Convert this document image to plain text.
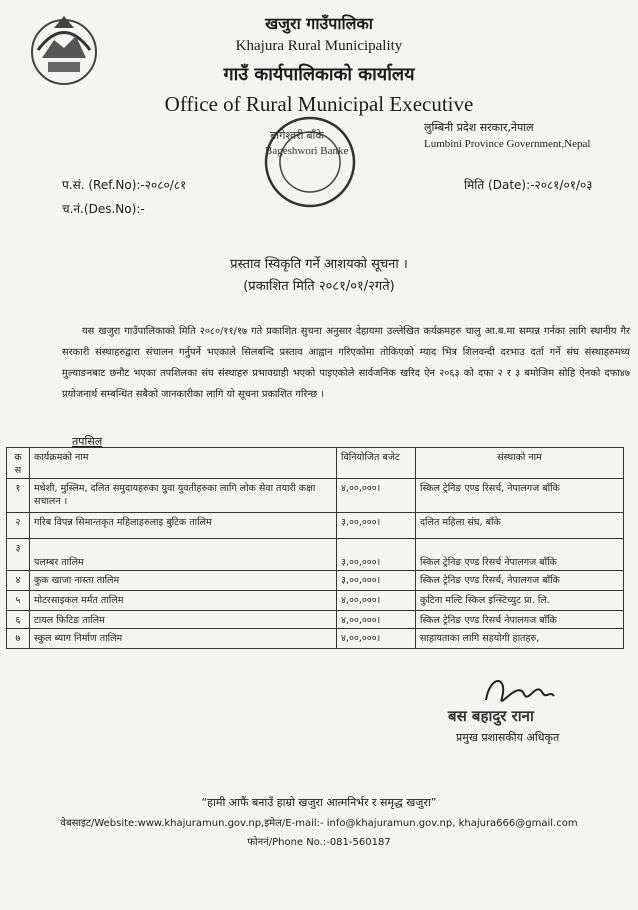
खजुरा गाउँपालिका
Khajura Rural Municipality
गाउँ कार्यपालिकाको कार्यालय
Office of Rural Municipal Executive
बागेश्वरी बाँके
Bageshwori Banke
लुम्बिनी प्रदेश सरकार,नेपाल
Lumbini Province Government,Nepal
प.सं. (Ref.No):-२०८०/८१
च.नं.(Des.No):-
मिति (Date):-२०८१/०१/०३
प्रस्ताव स्विकृति गर्ने आशयको सूचना ।
(प्रकाशित मिति २०८१/०१/२गते)
यस खजुरा गाउँपालिकाको मिति २०८०/११/१७ गते प्रकाशित सुचना अनुसार देहायमा उल्लेखित कर्यक्रमहरु चालु आ.ब.मा सम्पन्न गर्नका लागि स्थानीय गैर सरकारी संस्थाहरुद्वारा संचालन गर्नुपर्ने भएकाले सिलबन्दि प्रस्ताव आह्वान गरिएकोमा तोकिएको म्याद भित्र शिलवन्दी दरभाउ दर्ता गर्ने संघ संस्थाहरुमध्य मुल्याङनबाट छनौट भएका तपशिलका संघ संस्थाहरु प्रभावग्राही भएको पाइएकोले सार्वजनिक खरिद ऐन २०६३ को दफा २ र ३ बमोजिम सोहि ऐनको दफा४७ प्रयोजनार्थ सम्बन्धित सबैको जानकारीका लागि यो सूचना प्रकाशित गरिन्छ ।
तपसिल
क स	कार्यक्रमको नाम	विनियोजित बजेट	संस्थाको नाम
१	मधेशी, मुस्लिम, दलित समुदायहरुका युवा युवतीहरुका लागि लोक सेवा तयारी कक्षा सचालन ।	४,००,०००।	स्किल ट्रेनिङ एण्ड रिसर्च, नेपालगज बाँकि
२	गरिब विपन्न सिमान्तकृत महिलाहरुलाइ बुटिक तालिम	३,००,०००।	दलित महिला संघ, बाँके
३	पलम्बर तालिम	३,००,०००।	स्किल ट्रेनिङ एण्ड रिसर्च नेपालगज बाँकि
४	कुक खाजा नास्ता तालिम	३,००,०००।	स्किल ट्रेनिङ एण्ड रिसर्च, नेपालगज बाँकि
५	मोटरसाइकल मर्मत तालिम	४,००,०००।	कुटिना मल्टि स्किल इन्स्टिच्युट प्रा. लि.
६	टायल फिटिङ तालिम	४,००,०००।	स्किल ट्रेनिङ एण्ड रिसर्च नेपालगज बाँकि
७	स्कुल ब्याग निर्माण तालिम	४,००,०००।	साहायताका लागि सहयोगी हातहरु,
बस बहादुर राना
प्रमुख प्रशासकीय अधिकृत
“हामी आफैं बनाउँ हाम्रो खजुरा आत्मनिर्भर र समृद्ध खजुरा”
वेबसाइट/Website:www.khajuramun.gov.np,इमेल/E-mail:- info@khajuramun.gov.np, khajura666@gmail.com
फोननं/Phone No.:-081-560187
